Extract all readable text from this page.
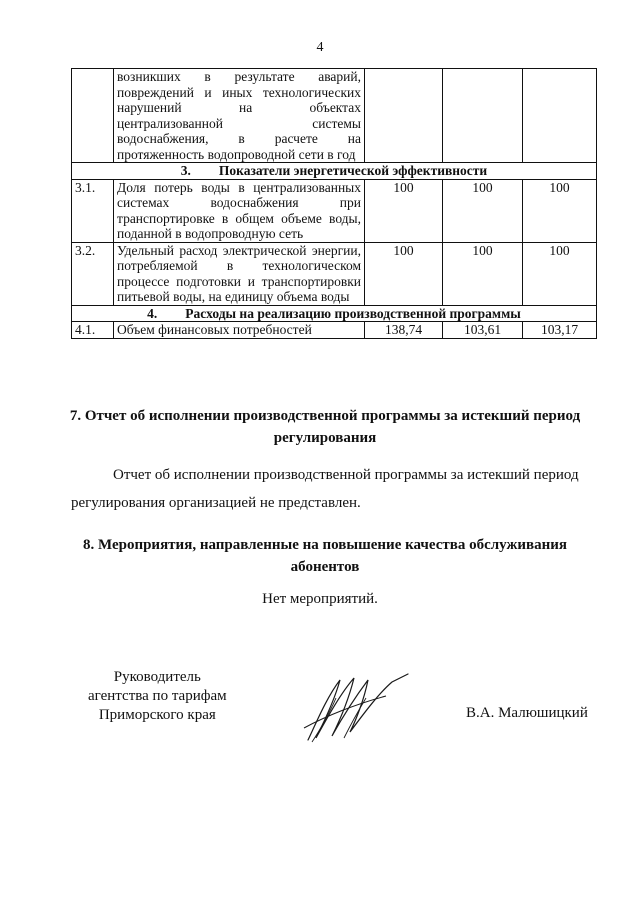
4
	возникших в результате аварий, повреждений и иных технологических нарушений на объектах централизованной системы водоснабжения, в расчете на протяженность водопроводной сети в год			
3. Показатели энергетической эффективности				
3.1.	Доля потерь воды в централизованных системах водоснабжения при транспортировке в общем объеме воды, поданной в водопроводную сеть	100	100	100
3.2.	Удельный расход электрической энергии, потребляемой в технологическом процессе подготовки и транспортировки питьевой воды, на единицу объема воды	100	100	100
4. Расходы на реализацию производственной программы				
4.1.	Объем финансовых потребностей	138,74	103,61	103,17
7. Отчет об исполнении производственной программы за истекший период
регулирования
Отчет об исполнении производственной программы за истекший период
регулирования организацией не представлен.
8. Мероприятия, направленные на повышение качества обслуживания
абонентов
Нет мероприятий.
Руководитель
агентства по тарифам
Приморского края	В.А. Малюшицкий
